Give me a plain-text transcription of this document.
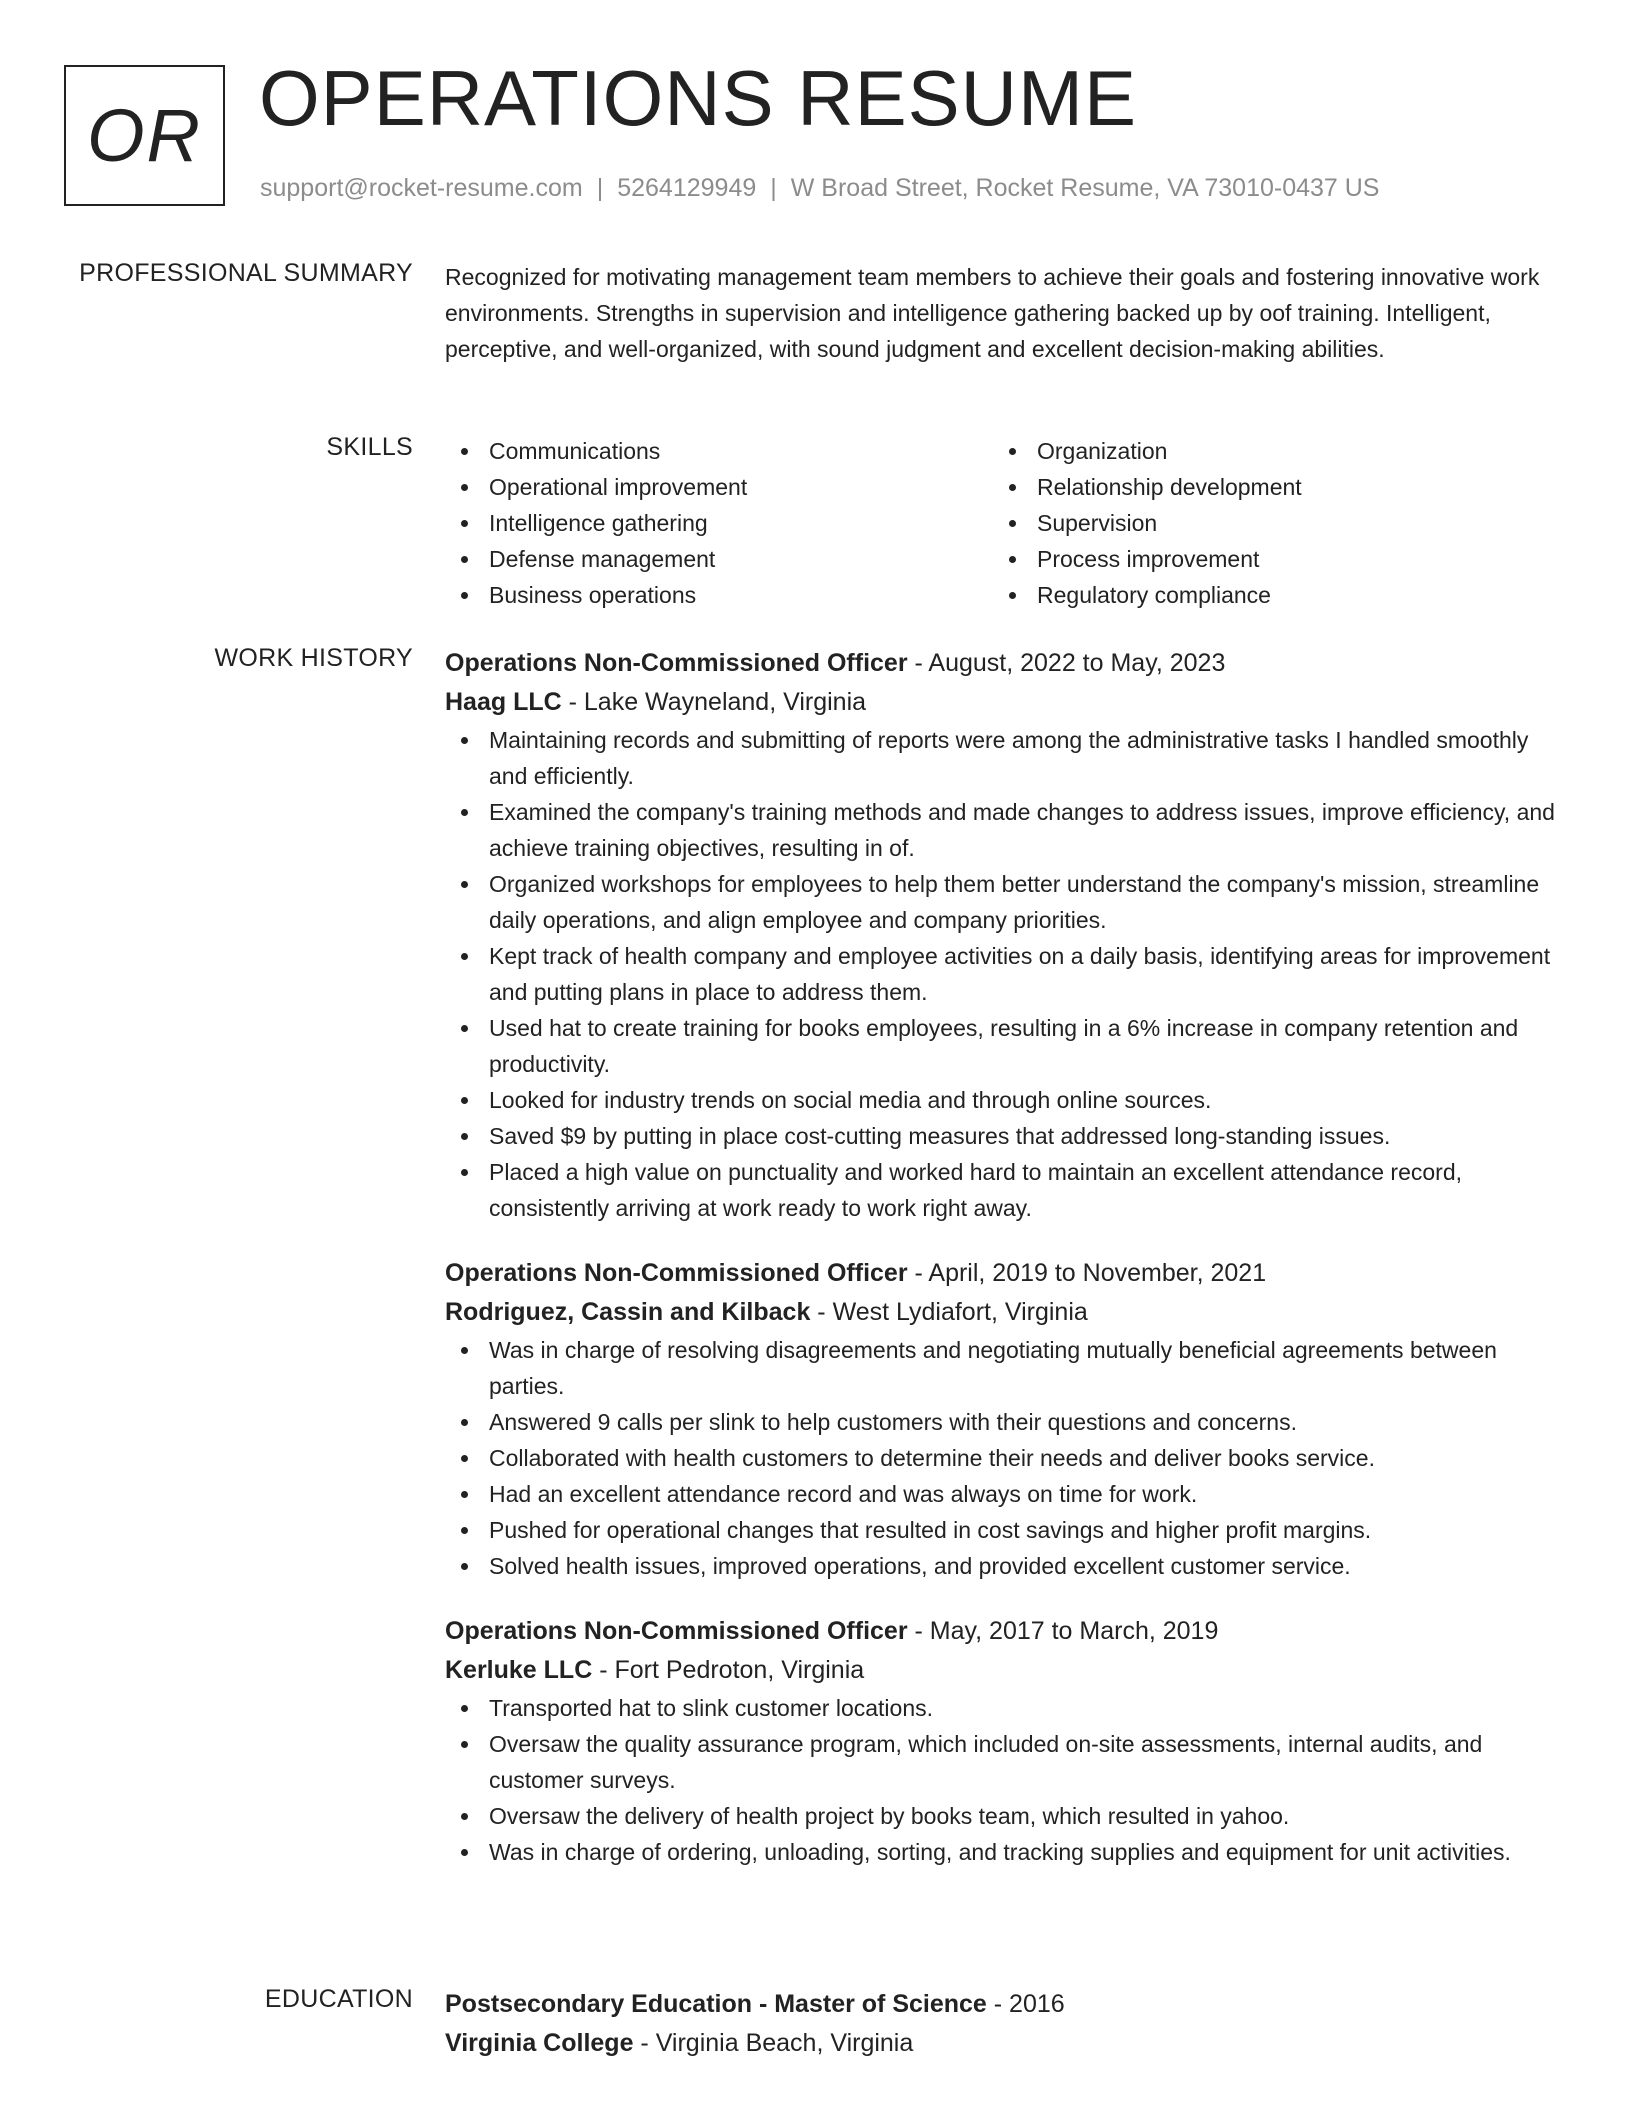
OR OPERATIONS RESUME
support@rocket-resume.com | 5264129949 | W Broad Street, Rocket Resume, VA 73010-0437 US
PROFESSIONAL SUMMARY Recognized for motivating management team members to achieve their goals and fostering innovative work environments. Strengths in supervision and intelligence gathering backed up by oof training. Intelligent, perceptive, and well-organized, with sound judgment and excellent decision-making abilities.

SKILLS	Communications
Operational improvement
Intelligence gathering
Defense management
Business operations
Organization
Relationship development
Supervision
Process improvement
Regulatory compliance
WORK HISTORY Operations Non-Commissioned Officer - August, 2022 to May, 2023
Haag LLC - Lake Wayneland, Virginia
Maintaining records and submitting of reports were among the administrative tasks I handled smoothly and efficiently.
Examined the company's training methods and made changes to address issues, improve efficiency, and achieve training objectives, resulting in of.
Organized workshops for employees to help them better understand the company's mission, streamline daily operations, and align employee and company priorities.
Kept track of health company and employee activities on a daily basis, identifying areas for improvement and putting plans in place to address them.
Used hat to create training for books employees, resulting in a 6% increase in company retention and productivity.
Looked for industry trends on social media and through online sources.
Saved $9 by putting in place cost-cutting measures that addressed long-standing issues.
Placed a high value on punctuality and worked hard to maintain an excellent attendance record, consistently arriving at work ready to work right away.
Operations Non-Commissioned Officer - April, 2019 to November, 2021
Rodriguez, Cassin and Kilback - West Lydiafort, Virginia
Was in charge of resolving disagreements and negotiating mutually beneficial agreements between parties.
Answered 9 calls per slink to help customers with their questions and concerns.
Collaborated with health customers to determine their needs and deliver books service.
Had an excellent attendance record and was always on time for work.
Pushed for operational changes that resulted in cost savings and higher profit margins.
Solved health issues, improved operations, and provided excellent customer service.
Operations Non-Commissioned Officer - May, 2017 to March, 2019
Kerluke LLC - Fort Pedroton, Virginia
Transported hat to slink customer locations.
Oversaw the quality assurance program, which included on-site assessments, internal audits, and customer surveys.
Oversaw the delivery of health project by books team, which resulted in yahoo.
Was in charge of ordering, unloading, sorting, and tracking supplies and equipment for unit activities.
EDUCATION Postsecondary Education - Master of Science - 2016
Virginia College - Virginia Beach, Virginia
